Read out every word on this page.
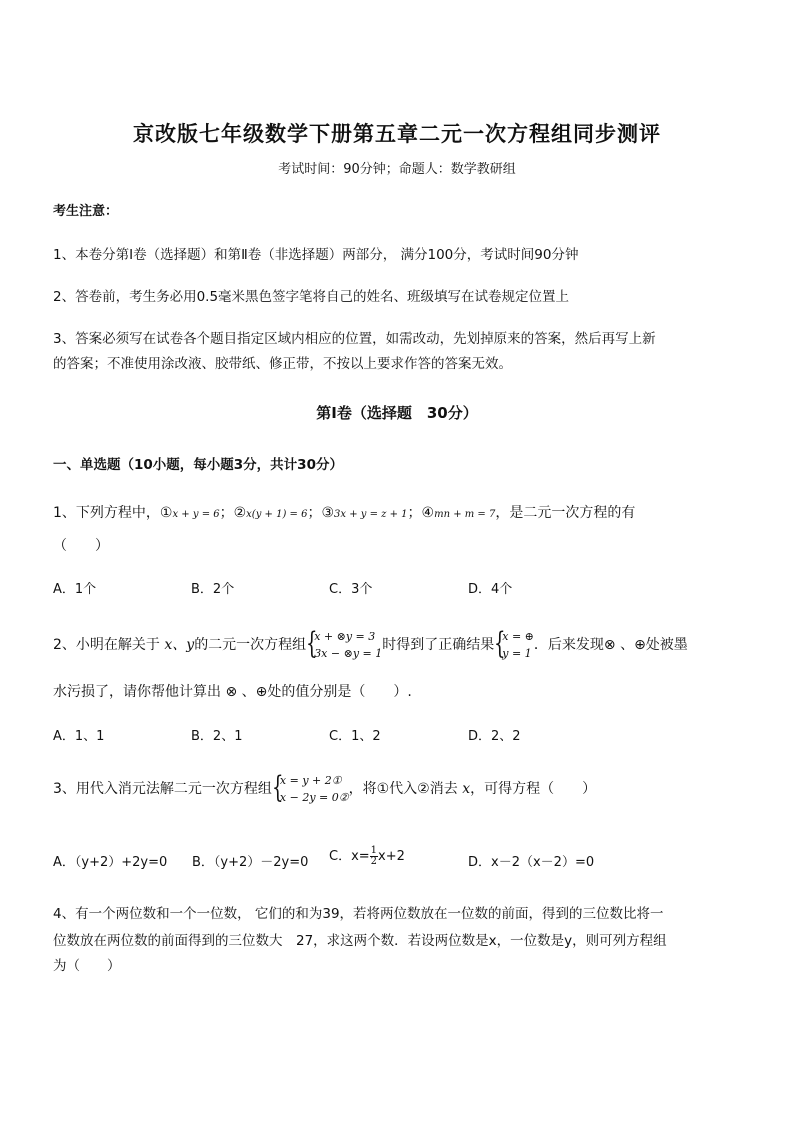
京改版七年级数学下册第五章二元一次方程组同步测评
考试时间：90分钟；命题人：数学教研组
考生注意：
1、本卷分第Ⅰ卷（选择题）和第Ⅱ卷（非选择题）两部分， 满分100分，考试时间90分钟
2、答卷前，考生务必用0.5毫米黑色签字笔将自己的姓名、班级填写在试卷规定位置上
3、答案必须写在试卷各个题目指定区域内相应的位置，如需改动，先划掉原来的答案，然后再写上新
的答案；不准使用涂改液、胶带纸、修正带，不按以上要求作答的答案无效。
第Ⅰ卷（选择题　30分）
一、单选题（10小题，每小题3分，共计30分）
1、下列方程中，①x + y = 6；②x(y + 1) = 6；③3x + y = z + 1；④mn + m = 7，是二元一次方程的有
（　　）
A．1个	B．2个	C．3个	D．4个
2、小明在解关于 x、y的二元一次方程组 {
x + ⊗y = 3
3x − ⊗y = 1
时得到了正确结果 {
x = ⊕
y = 1
．后来发现⊗ 、⊕处被墨
水污损了，请你帮他计算出 ⊗ 、⊕处的值分别是（　　）.
A．1、1	B．2、1	C．1、2	D．2、2
3、用代入消元法解二元一次方程组 {
x = y + 2①
x − 2y = 0②
，将①代入②消去 x，可得方程（　　）
A．（y+2）+2y=0 B．（y+2）－2y=0 C．$x= \frac{1}{2} x+2$	D．x－2（x－2）=0
4、有一个两位数和一个一位数， 它们的和为39，若将两位数放在一位数的前面，得到的三位数比将一
位数放在两位数的前面得到的三位数大　27，求这两个数．若设两位数是x，一位数是y，则可列方程组
为（　　）
